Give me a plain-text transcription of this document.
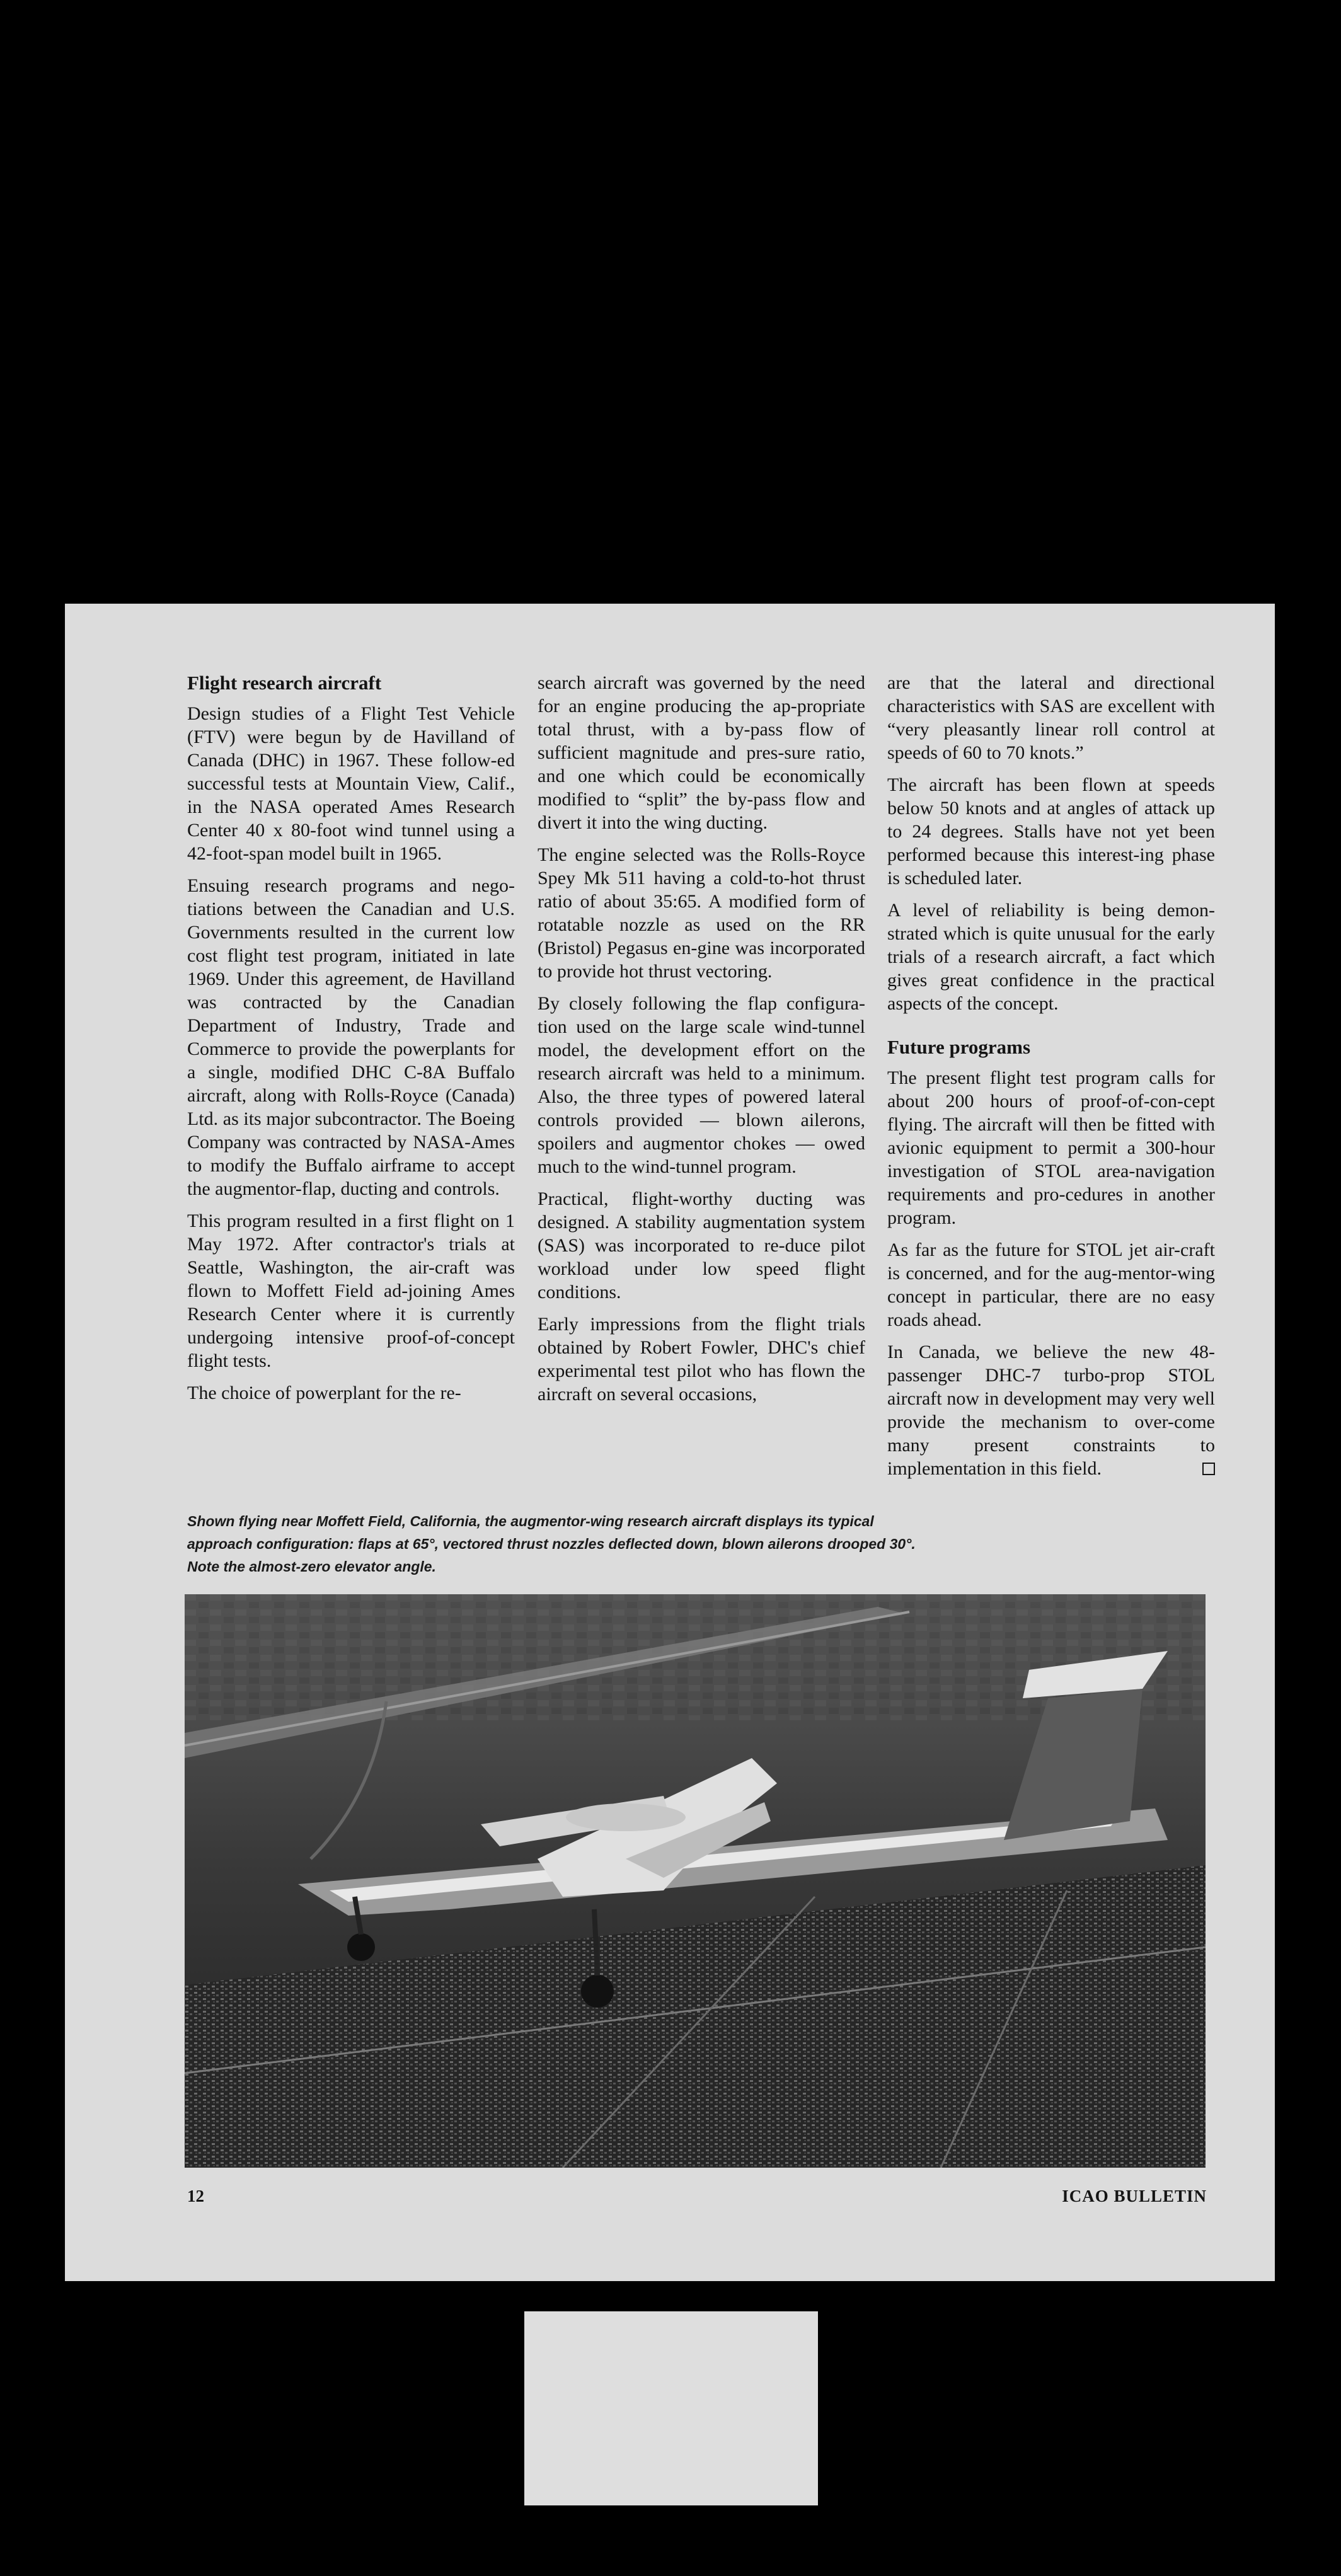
Flight research aircraft

Design studies of a Flight Test Vehicle (FTV) were begun by de Havilland of Canada (DHC) in 1967. These follow-ed successful tests at Mountain View, Calif., in the NASA operated Ames Research Center 40 x 80-foot wind tunnel using a 42-foot-span model built in 1965.

Ensuing research programs and nego-tiations between the Canadian and U.S. Governments resulted in the current low cost flight test program, initiated in late 1969. Under this agreement, de Havilland was contracted by the Canadian Department of Industry, Trade and Commerce to provide the powerplants for a single, modified DHC C-8A Buffalo aircraft, along with Rolls-Royce (Canada) Ltd. as its major subcontractor. The Boeing Company was contracted by NASA-Ames to modify the Buffalo airframe to accept the augmentor-flap, ducting and controls.

This program resulted in a first flight on 1 May 1972. After contractor's trials at Seattle, Washington, the air-craft was flown to Moffett Field ad-joining Ames Research Center where it is currently undergoing intensive proof-of-concept flight tests.

The choice of powerplant for the re-

search aircraft was governed by the need for an engine producing the ap-propriate total thrust, with a by-pass flow of sufficient magnitude and pres-sure ratio, and one which could be economically modified to “split” the by-pass flow and divert it into the wing ducting.

The engine selected was the Rolls-Royce Spey Mk 511 having a cold-to-hot thrust ratio of about 35:65. A modified form of rotatable nozzle as used on the RR (Bristol) Pegasus en-gine was incorporated to provide hot thrust vectoring.

By closely following the flap configura-tion used on the large scale wind-tunnel model, the development effort on the research aircraft was held to a minimum. Also, the three types of powered lateral controls provided — blown ailerons, spoilers and augmentor chokes — owed much to the wind-tunnel program.

Practical, flight-worthy ducting was designed. A stability augmentation system (SAS) was incorporated to re-duce pilot workload under low speed flight conditions.

Early impressions from the flight trials obtained by Robert Fowler, DHC's chief experimental test pilot who has flown the aircraft on several occasions,

are that the lateral and directional characteristics with SAS are excellent with “very pleasantly linear roll control at speeds of 60 to 70 knots.”

The aircraft has been flown at speeds below 50 knots and at angles of attack up to 24 degrees. Stalls have not yet been performed because this interest-ing phase is scheduled later.

A level of reliability is being demon-strated which is quite unusual for the early trials of a research aircraft, a fact which gives great confidence in the practical aspects of the concept.

Future programs

The present flight test program calls for about 200 hours of proof-of-con-cept flying. The aircraft will then be fitted with avionic equipment to permit a 300-hour investigation of STOL area-navigation requirements and pro-cedures in another program.

As far as the future for STOL jet air-craft is concerned, and for the aug-mentor-wing concept in particular, there are no easy roads ahead.

In Canada, we believe the new 48-passenger DHC-7 turbo-prop STOL aircraft now in development may very well provide the mechanism to over-come many present constraints to implementation in this field.

Shown flying near Moffett Field, California, the augmentor-wing research aircraft displays its typical approach configuration: flaps at 65°, vectored thrust nozzles deflected down, blown ailerons drooped 30°. Note the almost-zero elevator angle.
12	ICAO BULLETIN
